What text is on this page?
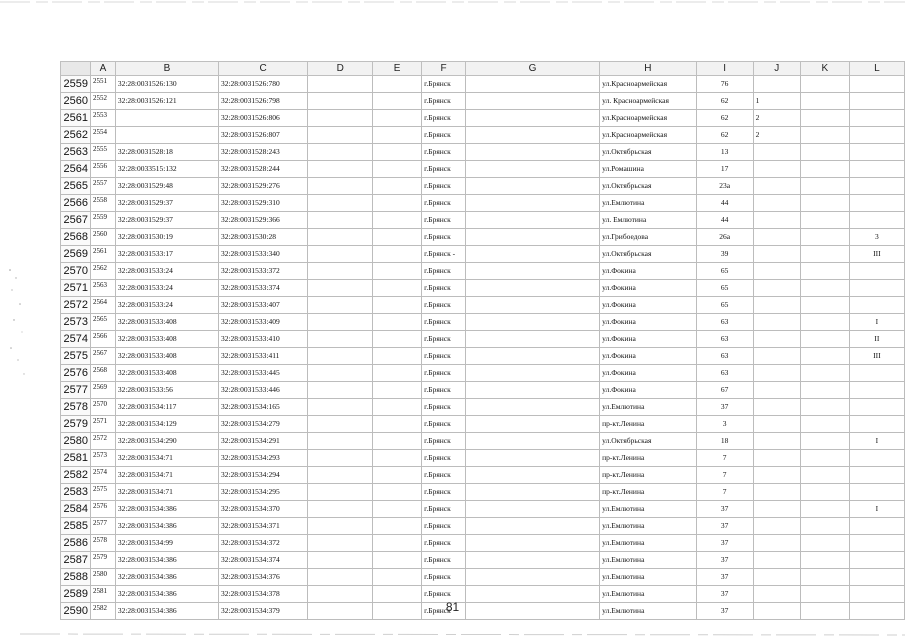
	A	B	C	D	E	F	G	H	I	J	K	L
2559	2551	32:28:0031526:130	32:28:0031526:780			г.Брянск		ул.Красноармейская	76			
2560	2552	32:28:0031526:121	32:28:0031526:798			г.Брянск		ул. Красноармейская	62	1		
2561	2553		32:28:0031526:806			г.Брянск		ул.Красноармейская	62	2		
2562	2554		32:28:0031526:807			г.Брянск		ул.Красноармейская	62	2		
2563	2555	32:28:0031528:18	32:28:0031528:243			г.Брянск		ул.Октябрьская	13			
2564	2556	32:28:0033515:132	32:28:0031528:244			г.Брянск		ул.Ромашина	17			
2565	2557	32:28:0031529:48	32:28:0031529:276			г.Брянск		ул.Октябрьская	23а			
2566	2558	32:28:0031529:37	32:28:0031529:310			г.Брянск		ул.Емлютина	44			
2567	2559	32:28:0031529:37	32:28:0031529:366			г.Брянск		ул. Емлютина	44			
2568	2560	32:28:0031530:19	32:28:0031530:28			г.Брянск		ул.Грибоедова	26а			3
2569	2561	32:28:0031533:17	32:28:0031533:340			г.Брянск -		ул.Октябрьская	39			III
2570	2562	32:28:0031533:24	32:28:0031533:372			г.Брянск		ул.Фокина	65			
2571	2563	32:28:0031533:24	32:28:0031533:374			г.Брянск		ул.Фокина	65			
2572	2564	32:28:0031533:24	32:28:0031533:407			г.Брянск		ул.Фокина	65			
2573	2565	32:28:0031533:408	32:28:0031533:409			г.Брянск		ул.Фокина	63			I
2574	2566	32:28:0031533:408	32:28:0031533:410			г.Брянск		ул.Фокина	63			II
2575	2567	32:28:0031533:408	32:28:0031533:411			г.Брянск		ул.Фокина	63			III
2576	2568	32:28:0031533:408	32:28:0031533:445			г.Брянск		ул.Фокина	63			
2577	2569	32:28:0031533:56	32:28:0031533:446			г.Брянск		ул.Фокина	67			
2578	2570	32:28:0031534:117	32:28:0031534:165			г.Брянск		ул.Емлютина	37			
2579	2571	32:28:0031534:129	32:28:0031534:279			г.Брянск		пр-кт.Ленина	3			
2580	2572	32:28:0031534:290	32:28:0031534:291			г.Брянск		ул.Октябрьская	18			I
2581	2573	32:28:0031534:71	32:28:0031534:293			г.Брянск		пр-кт.Ленина	7			
2582	2574	32:28:0031534:71	32:28:0031534:294			г.Брянск		пр-кт.Ленина	7			
2583	2575	32:28:0031534:71	32:28:0031534:295			г.Брянск		пр-кт.Ленина	7			
2584	2576	32:28:0031534:386	32:28:0031534:370			г.Брянск		ул.Емлютина	37			I
2585	2577	32:28:0031534:386	32:28:0031534:371			г.Брянск		ул.Емлютина	37			
2586	2578	32:28:0031534:99	32:28:0031534:372			г.Брянск		ул.Емлютина	37			
2587	2579	32:28:0031534:386	32:28:0031534:374			г.Брянск		ул.Емлютина	37			
2588	2580	32:28:0031534:386	32:28:0031534:376			г.Брянск		ул.Емлютина	37			
2589	2581	32:28:0031534:386	32:28:0031534:378			г.Брянск		ул.Емлютина	37			
2590	2582	32:28:0031534:386	32:28:0031534:379			г.Брянск		ул.Емлютина	37			
81
